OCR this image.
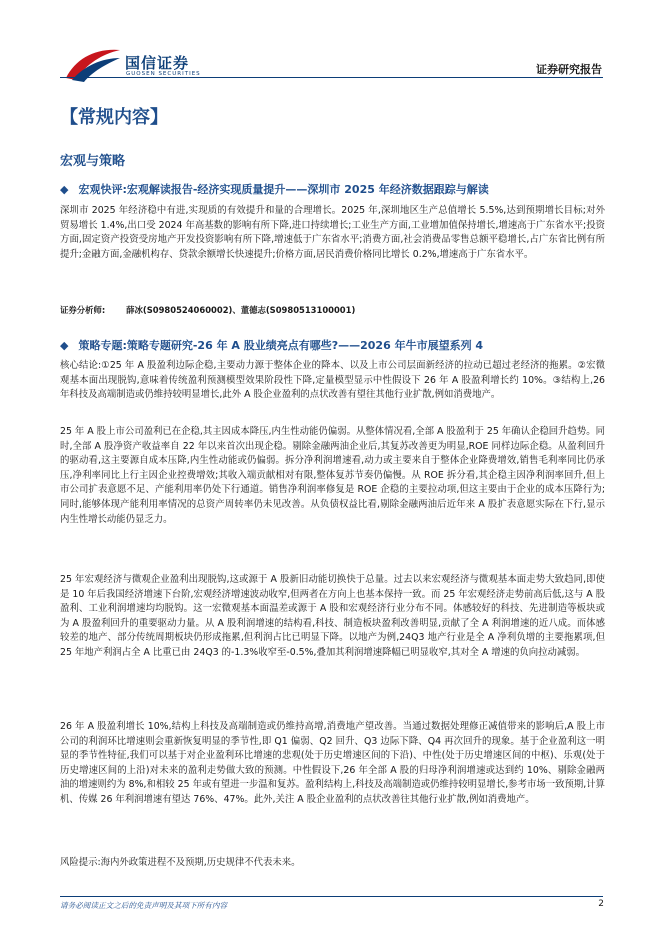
国信证券
GUOSEN SECURITIES	证券研究报告
【常规内容】
宏观与策略
◆ 宏观快评:宏观解读报告-经济实现质量提升——深圳市 2025 年经济数据跟踪与解读

深圳市 2025 年经济稳中有进,实现质的有效提升和量的合理增长。2025 年,深圳地区生产总值增长 5.5%,达到预期增长目标;对外贸易增长 1.4%,出口受 2024 年高基数的影响有所下降,进口持续增长;工业生产方面,工业增加值保持增长,增速高于广东省水平;投资方面,固定资产投资受房地产开发投资影响有所下降,增速低于广东省水平;消费方面,社会消费品零售总额平稳增长,占广东省比例有所提升;金融方面,金融机构存、贷款余额增长快速提升;价格方面,居民消费价格同比增长 0.2%,增速高于广东省水平。

证券分析师: 薛冰(S0980524060002)、董德志(S0980513100001)
◆ 策略专题:策略专题研究-26 年 A 股业绩亮点有哪些?——2026 年牛市展望系列 4

核心结论:①25 年 A 股盈利边际企稳,主要动力源于整体企业的降本、以及上市公司层面新经济的拉动已超过老经济的拖累。②宏微观基本面出现脱钩,意味着传统盈利预测模型效果阶段性下降,定量模型显示中性假设下 26 年 A 股盈利增长约 10%。③结构上,26 年科技及高端制造或仍维持较明显增长,此外 A 股企业盈利的点状改善有望往其他行业扩散,例如消费地产。

25 年 A 股上市公司盈利已在企稳,其主因成本降压,内生性动能仍偏弱。从整体情况看,全部 A 股盈利于 25 年确认企稳回升趋势。同时,全部 A 股净资产收益率自 22 年以来首次出现企稳。剔除金融两油企业后,其复苏改善更为明显,ROE 同样边际企稳。从盈利回升的驱动看,这主要源自成本压降,内生性动能或仍偏弱。拆分净利润增速看,动力或主要来自于整体企业降费增效,销售毛利率同比仍承压,净利率同比上行主因企业控费增效;其收入端贡献相对有限,整体复苏节奏仍偏慢。从 ROE 拆分看,其企稳主因净利润率回升,但上市公司扩表意愿不足、产能利用率仍处下行通道。销售净利润率修复是 ROE 企稳的主要拉动项,但这主要由于企业的成本压降行为;同时,能够体现产能利用率情况的总资产周转率仍未见改善。从负债权益比看,剔除金融两油后近年来 A 股扩表意愿实际在下行,显示内生性增长动能仍显乏力。

25 年宏观经济与微观企业盈利出现脱钩,这或源于 A 股新旧动能切换快于总量。过去以来宏观经济与微观基本面走势大致趋同,即使是 10 年后我国经济增速下台阶,宏观经济增速波动收窄,但两者在方向上也基本保持一致。而 25 年宏观经济走势前高后低,这与 A 股盈利、工业利润增速均均脱钩。这一宏微观基本面温差或源于 A 股和宏观经济行业分布不同。体感较好的科技、先进制造等板块或为 A 股盈利回升的重要驱动力量。从 A 股利润增速的结构看,科技、制造板块盈利改善明显,贡献了全 A 利润增速的近八成。而体感较差的地产、部分传统周期板块仍形成拖累,但利润占比已明显下降。以地产为例,24Q3 地产行业是全 A 净利负增的主要拖累项,但 25 年地产利润占全 A 比重已由 24Q3 的-1.3%收窄至-0.5%,叠加其利润增速降幅已明显收窄,其对全 A 增速的负向拉动减弱。

26 年 A 股盈利增长 10%,结构上科技及高端制造或仍维持高增,消费地产望改善。当通过数据处理修正减值带来的影响后,A 股上市公司的利润环比增速则会重新恢复明显的季节性,即 Q1 偏弱、Q2 回升、Q3 边际下降、Q4 再次回升的现象。基于企业盈利这一明显的季节性特征,我们可以基于对企业盈利环比增速的悲观(处于历史增速区间的下沿)、中性(处于历史增速区间的中枢)、乐观(处于历史增速区间的上沿)对未来的盈利走势做大致的预测。中性假设下,26 年全部 A 股的归母净利润增速或达到约 10%、剔除金融两油的增速则约为 8%,和相较 25 年或有望进一步温和复苏。盈利结构上,科技及高端制造或仍维持较明显增长,参考市场一致预期,计算机、传媒 26 年利润增速有望达 76%、47%。此外,关注 A 股企业盈利的点状改善往其他行业扩散,例如消费地产。

风险提示:海内外政策进程不及预期,历史规律不代表未来。

请务必阅读正文之后的免责声明及其项下所有内容	2
